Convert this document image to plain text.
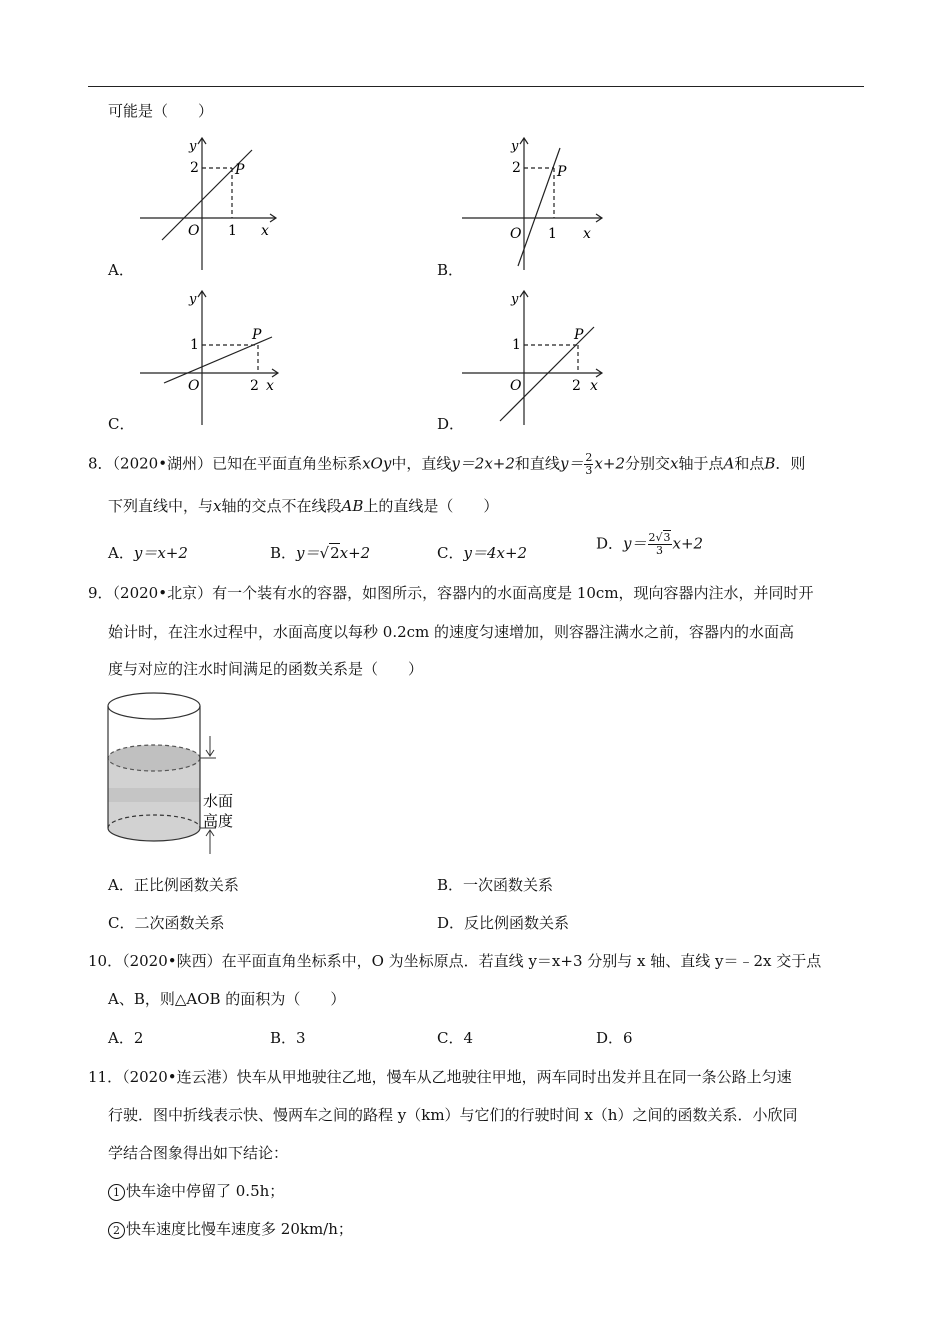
可能是（　　）
A．
y
2	P
O 1 x
B．
y
2	P
O 1 x
C．
y
1
P
O	2 x
D．
y
1
P
O	2 x
8．（2020•湖州）已知在平面直角坐标系xOy中，直线y＝2x+2和直线$y= \frac{2}{3} x+2$分别交x轴于点A和点B．则
下列直线中，与x轴的交点不在线段AB上的直线是（　　）
A．y＝x+2	B．y＝√2x+2	C．y＝4x+2
D．$y= \frac{2√3}{3} x+2$
9．（2020•北京）有一个装有水的容器，如图所示，容器内的水面高度是 10cm，现向容器内注水，并同时开
始计时，在注水过程中，水面高度以每秒 0.2cm 的速度匀速增加，则容器注满水之前，容器内的水面高
度与对应的注水时间满足的函数关系是（　　）
水面
高度
A．正比例函数关系	B．一次函数关系
C．二次函数关系	D．反比例函数关系
10．（2020•陕西）在平面直角坐标系中，O 为坐标原点．若直线 y＝x+3 分别与 x 轴、直线 y＝﹣2x 交于点
A、B，则△AOB 的面积为（　　）
A．2	B．3	C．4	D．6
11．（2020•连云港）快车从甲地驶往乙地，慢车从乙地驶往甲地，两车同时出发并且在同一条公路上匀速
行驶．图中折线表示快、慢两车之间的路程 y（km）与它们的行驶时间 x（h）之间的函数关系．小欣同
学结合图象得出如下结论：
1 快车途中停留了 0.5h；
2 快车速度比慢车速度多 20km/h；
